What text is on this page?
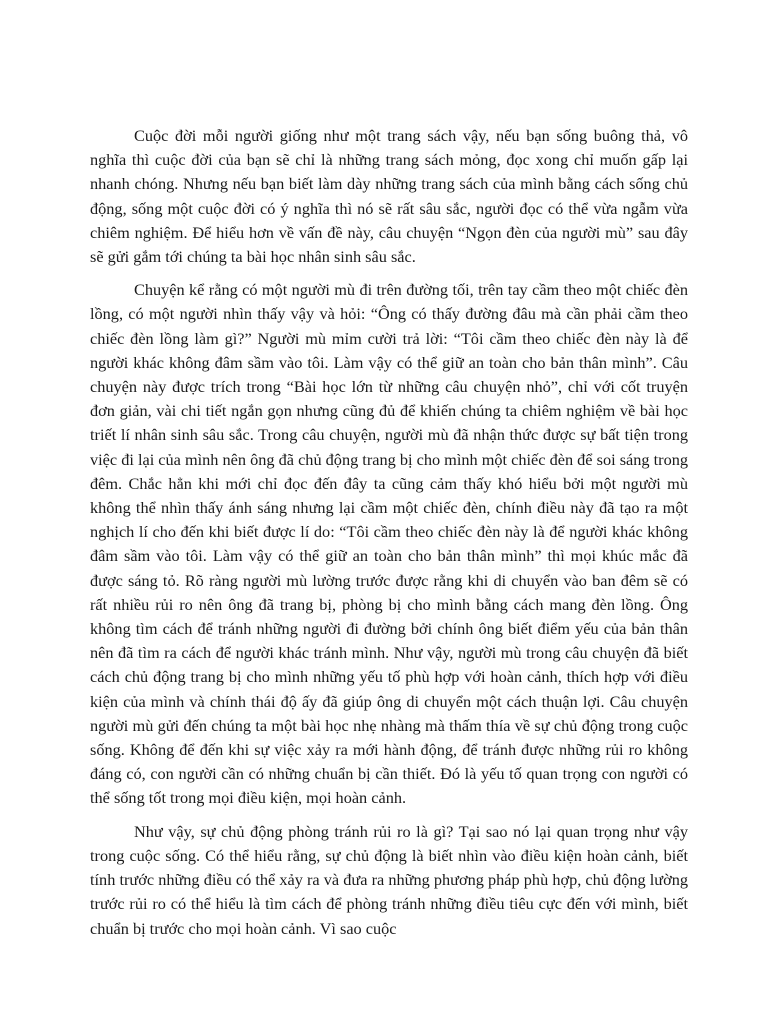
Cuộc đời mỗi người giống như một trang sách vậy, nếu bạn sống buông thả, vô nghĩa thì cuộc đời của bạn sẽ chỉ là những trang sách mỏng, đọc xong chỉ muốn gấp lại nhanh chóng. Nhưng nếu bạn biết làm dày những trang sách của mình bằng cách sống chủ động, sống một cuộc đời có ý nghĩa thì nó sẽ rất sâu sắc, người đọc có thể vừa ngẫm vừa chiêm nghiệm. Để hiểu hơn về vấn đề này, câu chuyện “Ngọn đèn của người mù” sau đây sẽ gửi gắm tới chúng ta bài học nhân sinh sâu sắc.

Chuyện kể rằng có một người mù đi trên đường tối, trên tay cầm theo một chiếc đèn lồng, có một người nhìn thấy vậy và hỏi: “Ông có thấy đường đâu mà cần phải cầm theo chiếc đèn lồng làm gì?” Người mù mỉm cười trả lời: “Tôi cầm theo chiếc đèn này là để người khác không đâm sầm vào tôi. Làm vậy có thể giữ an toàn cho bản thân mình”. Câu chuyện này được trích trong “Bài học lớn từ những câu chuyện nhỏ”, chỉ với cốt truyện đơn giản, vài chi tiết ngắn gọn nhưng cũng đủ để khiến chúng ta chiêm nghiệm về bài học triết lí nhân sinh sâu sắc. Trong câu chuyện, người mù đã nhận thức được sự bất tiện trong việc đi lại của mình nên ông đã chủ động trang bị cho mình một chiếc đèn để soi sáng trong đêm. Chắc hẳn khi mới chỉ đọc đến đây ta cũng cảm thấy khó hiểu bởi một người mù không thể nhìn thấy ánh sáng nhưng lại cầm một chiếc đèn, chính điều này đã tạo ra một nghịch lí cho đến khi biết được lí do: “Tôi cầm theo chiếc đèn này là để người khác không đâm sầm vào tôi. Làm vậy có thể giữ an toàn cho bản thân mình” thì mọi khúc mắc đã được sáng tỏ. Rõ ràng người mù lường trước được rằng khi di chuyển vào ban đêm sẽ có rất nhiều rủi ro nên ông đã trang bị, phòng bị cho mình bằng cách mang đèn lồng. Ông không tìm cách để tránh những người đi đường bởi chính ông biết điểm yếu của bản thân nên đã tìm ra cách để người khác tránh mình. Như vậy, người mù trong câu chuyện đã biết cách chủ động trang bị cho mình những yếu tố phù hợp với hoàn cảnh, thích hợp với điều kiện của mình và chính thái độ ấy đã giúp ông di chuyển một cách thuận lợi. Câu chuyện người mù gửi đến chúng ta một bài học nhẹ nhàng mà thấm thía về sự chủ động trong cuộc sống. Không để đến khi sự việc xảy ra mới hành động, để tránh được những rủi ro không đáng có, con người cần có những chuẩn bị cần thiết. Đó là yếu tố quan trọng con người có thể sống tốt trong mọi điều kiện, mọi hoàn cảnh.

Như vậy, sự chủ động phòng tránh rủi ro là gì? Tại sao nó lại quan trọng như vậy trong cuộc sống. Có thể hiểu rằng, sự chủ động là biết nhìn vào điều kiện hoàn cảnh, biết tính trước những điều có thể xảy ra và đưa ra những phương pháp phù hợp, chủ động lường trước rủi ro có thể hiểu là tìm cách để phòng tránh những điều tiêu cực đến với mình, biết chuẩn bị trước cho mọi hoàn cảnh. Vì sao cuộc
